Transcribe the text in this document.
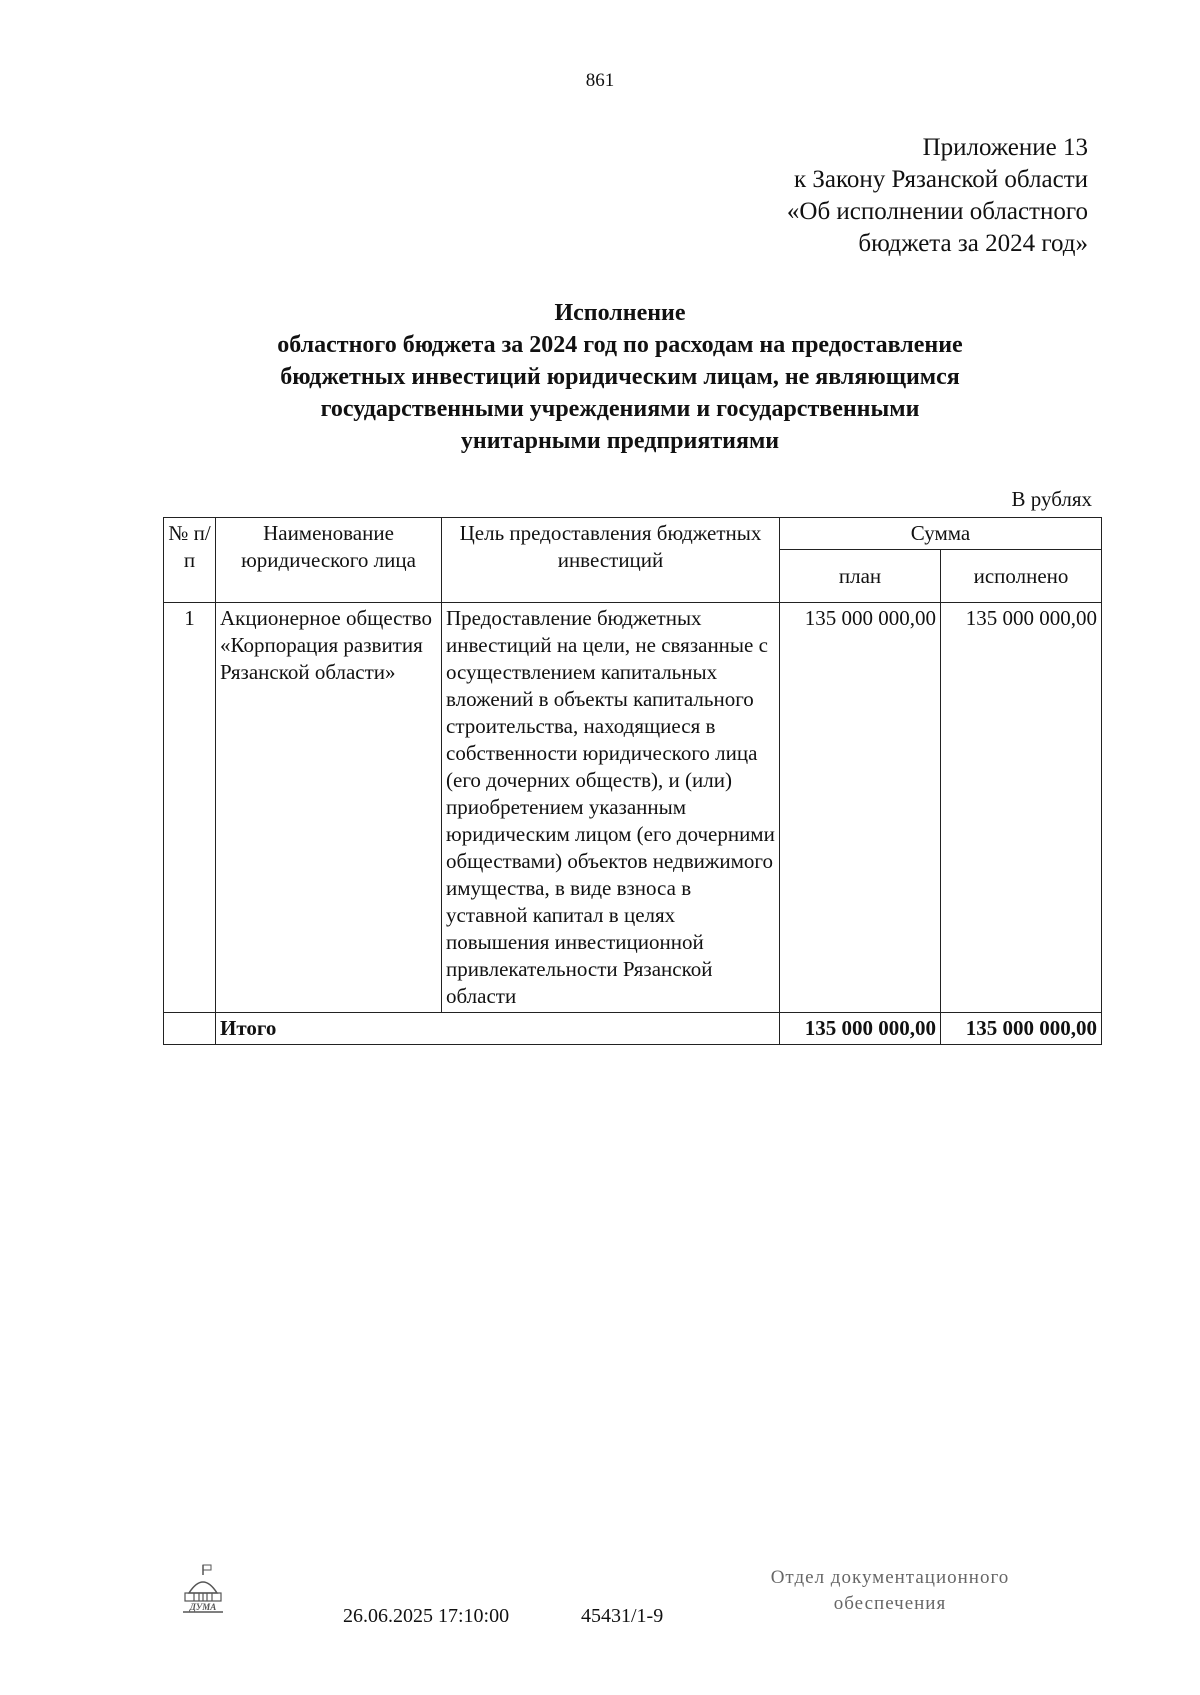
861
Приложение 13
к Закону Рязанской области
«Об исполнении областного
бюджета за 2024 год»
Исполнение
областного бюджета за 2024 год по расходам на предоставление
бюджетных инвестиций юридическим лицам, не являющимся
государственными учреждениями и государственными
унитарными предприятиями
В рублях
№ п/п	Наименование юридического лица	Цель предоставления бюджетных инвестиций	Сумма	
			план	исполнено
1	Акционерное общество «Корпорация развития Рязанской области»	Предоставление бюджетных инвестиций на цели, не связанные с осуществлением капитальных вложений в объекты капитального строительства, находящиеся в собственности юридического лица (его дочерних обществ), и (или) приобретением указанным юридическим лицом (его дочерними обществами) объектов недвижимого имущества, в виде взноса в уставной капитал в целях повышения инвестиционной привлекательности Рязанской области	135 000 000,00	135 000 000,00
	Итого		135 000 000,00	135 000 000,00
ДУМА	26.06.2025 17:10:00	45431/1-9
Отдел документационного
обеспечения
